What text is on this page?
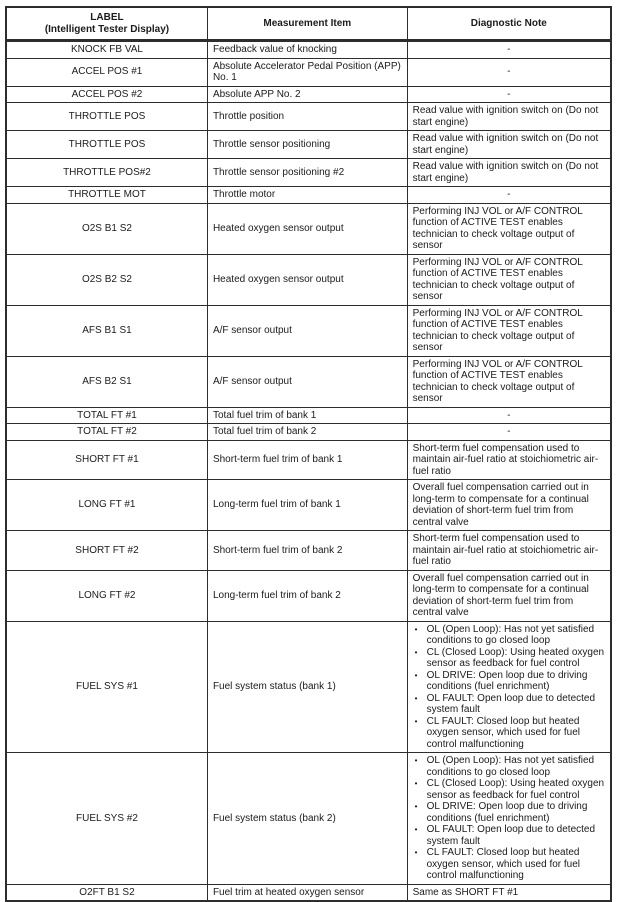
LABEL
(Intelligent Tester Display)	Measurement Item	Diagnostic Note
KNOCK FB VAL	Feedback value of knocking	-
ACCEL POS #1	Absolute Accelerator Pedal Position (APP) No. 1	-
ACCEL POS #2	Absolute APP No. 2	-
THROTTLE POS	Throttle position	Read value with ignition switch on (Do not start engine)
THROTTLE POS	Throttle sensor positioning	Read value with ignition switch on (Do not start engine)
THROTTLE POS#2	Throttle sensor positioning #2	Read value with ignition switch on (Do not start engine)
THROTTLE MOT	Throttle motor	-
O2S B1 S2	Heated oxygen sensor output	Performing INJ VOL or A/F CONTROL function of ACTIVE TEST enables technician to check voltage output of sensor
O2S B2 S2	Heated oxygen sensor output	Performing INJ VOL or A/F CONTROL function of ACTIVE TEST enables technician to check voltage output of sensor
AFS B1 S1	A/F sensor output	Performing INJ VOL or A/F CONTROL function of ACTIVE TEST enables technician to check voltage output of sensor
AFS B2 S1	A/F sensor output	Performing INJ VOL or A/F CONTROL function of ACTIVE TEST enables technician to check voltage output of sensor
TOTAL FT #1	Total fuel trim of bank 1	-
TOTAL FT #2	Total fuel trim of bank 2	-
SHORT FT #1	Short-term fuel trim of bank 1	Short-term fuel compensation used to maintain air-fuel ratio at stoichiometric air-fuel ratio
LONG FT #1	Long-term fuel trim of bank 1	Overall fuel compensation carried out in long-term to compensate for a continual deviation of short-term fuel trim from central valve
SHORT FT #2	Short-term fuel trim of bank 2	Short-term fuel compensation used to maintain air-fuel ratio at stoichiometric air-fuel ratio
LONG FT #2	Long-term fuel trim of bank 2	Overall fuel compensation carried out in long-term to compensate for a continual deviation of short-term fuel trim from central valve
FUEL SYS #1	Fuel system status (bank 1)	
• OL (Open Loop): Has not yet satisfied conditions to go closed loop
• CL (Closed Loop): Using heated oxygen sensor as feedback for fuel control
• OL DRIVE: Open loop due to driving conditions (fuel enrichment)
• OL FAULT: Open loop due to detected system fault
• CL FAULT: Closed loop but heated oxygen sensor, which used for fuel control malfunctioning

FUEL SYS #2	Fuel system status (bank 2)	
• OL (Open Loop): Has not yet satisfied conditions to go closed loop
• CL (Closed Loop): Using heated oxygen sensor as feedback for fuel control
• OL DRIVE: Open loop due to driving conditions (fuel enrichment)
• OL FAULT: Open loop due to detected system fault
• CL FAULT: Closed loop but heated oxygen sensor, which used for fuel control malfunctioning

O2FT B1 S2	Fuel trim at heated oxygen sensor	Same as SHORT FT #1
